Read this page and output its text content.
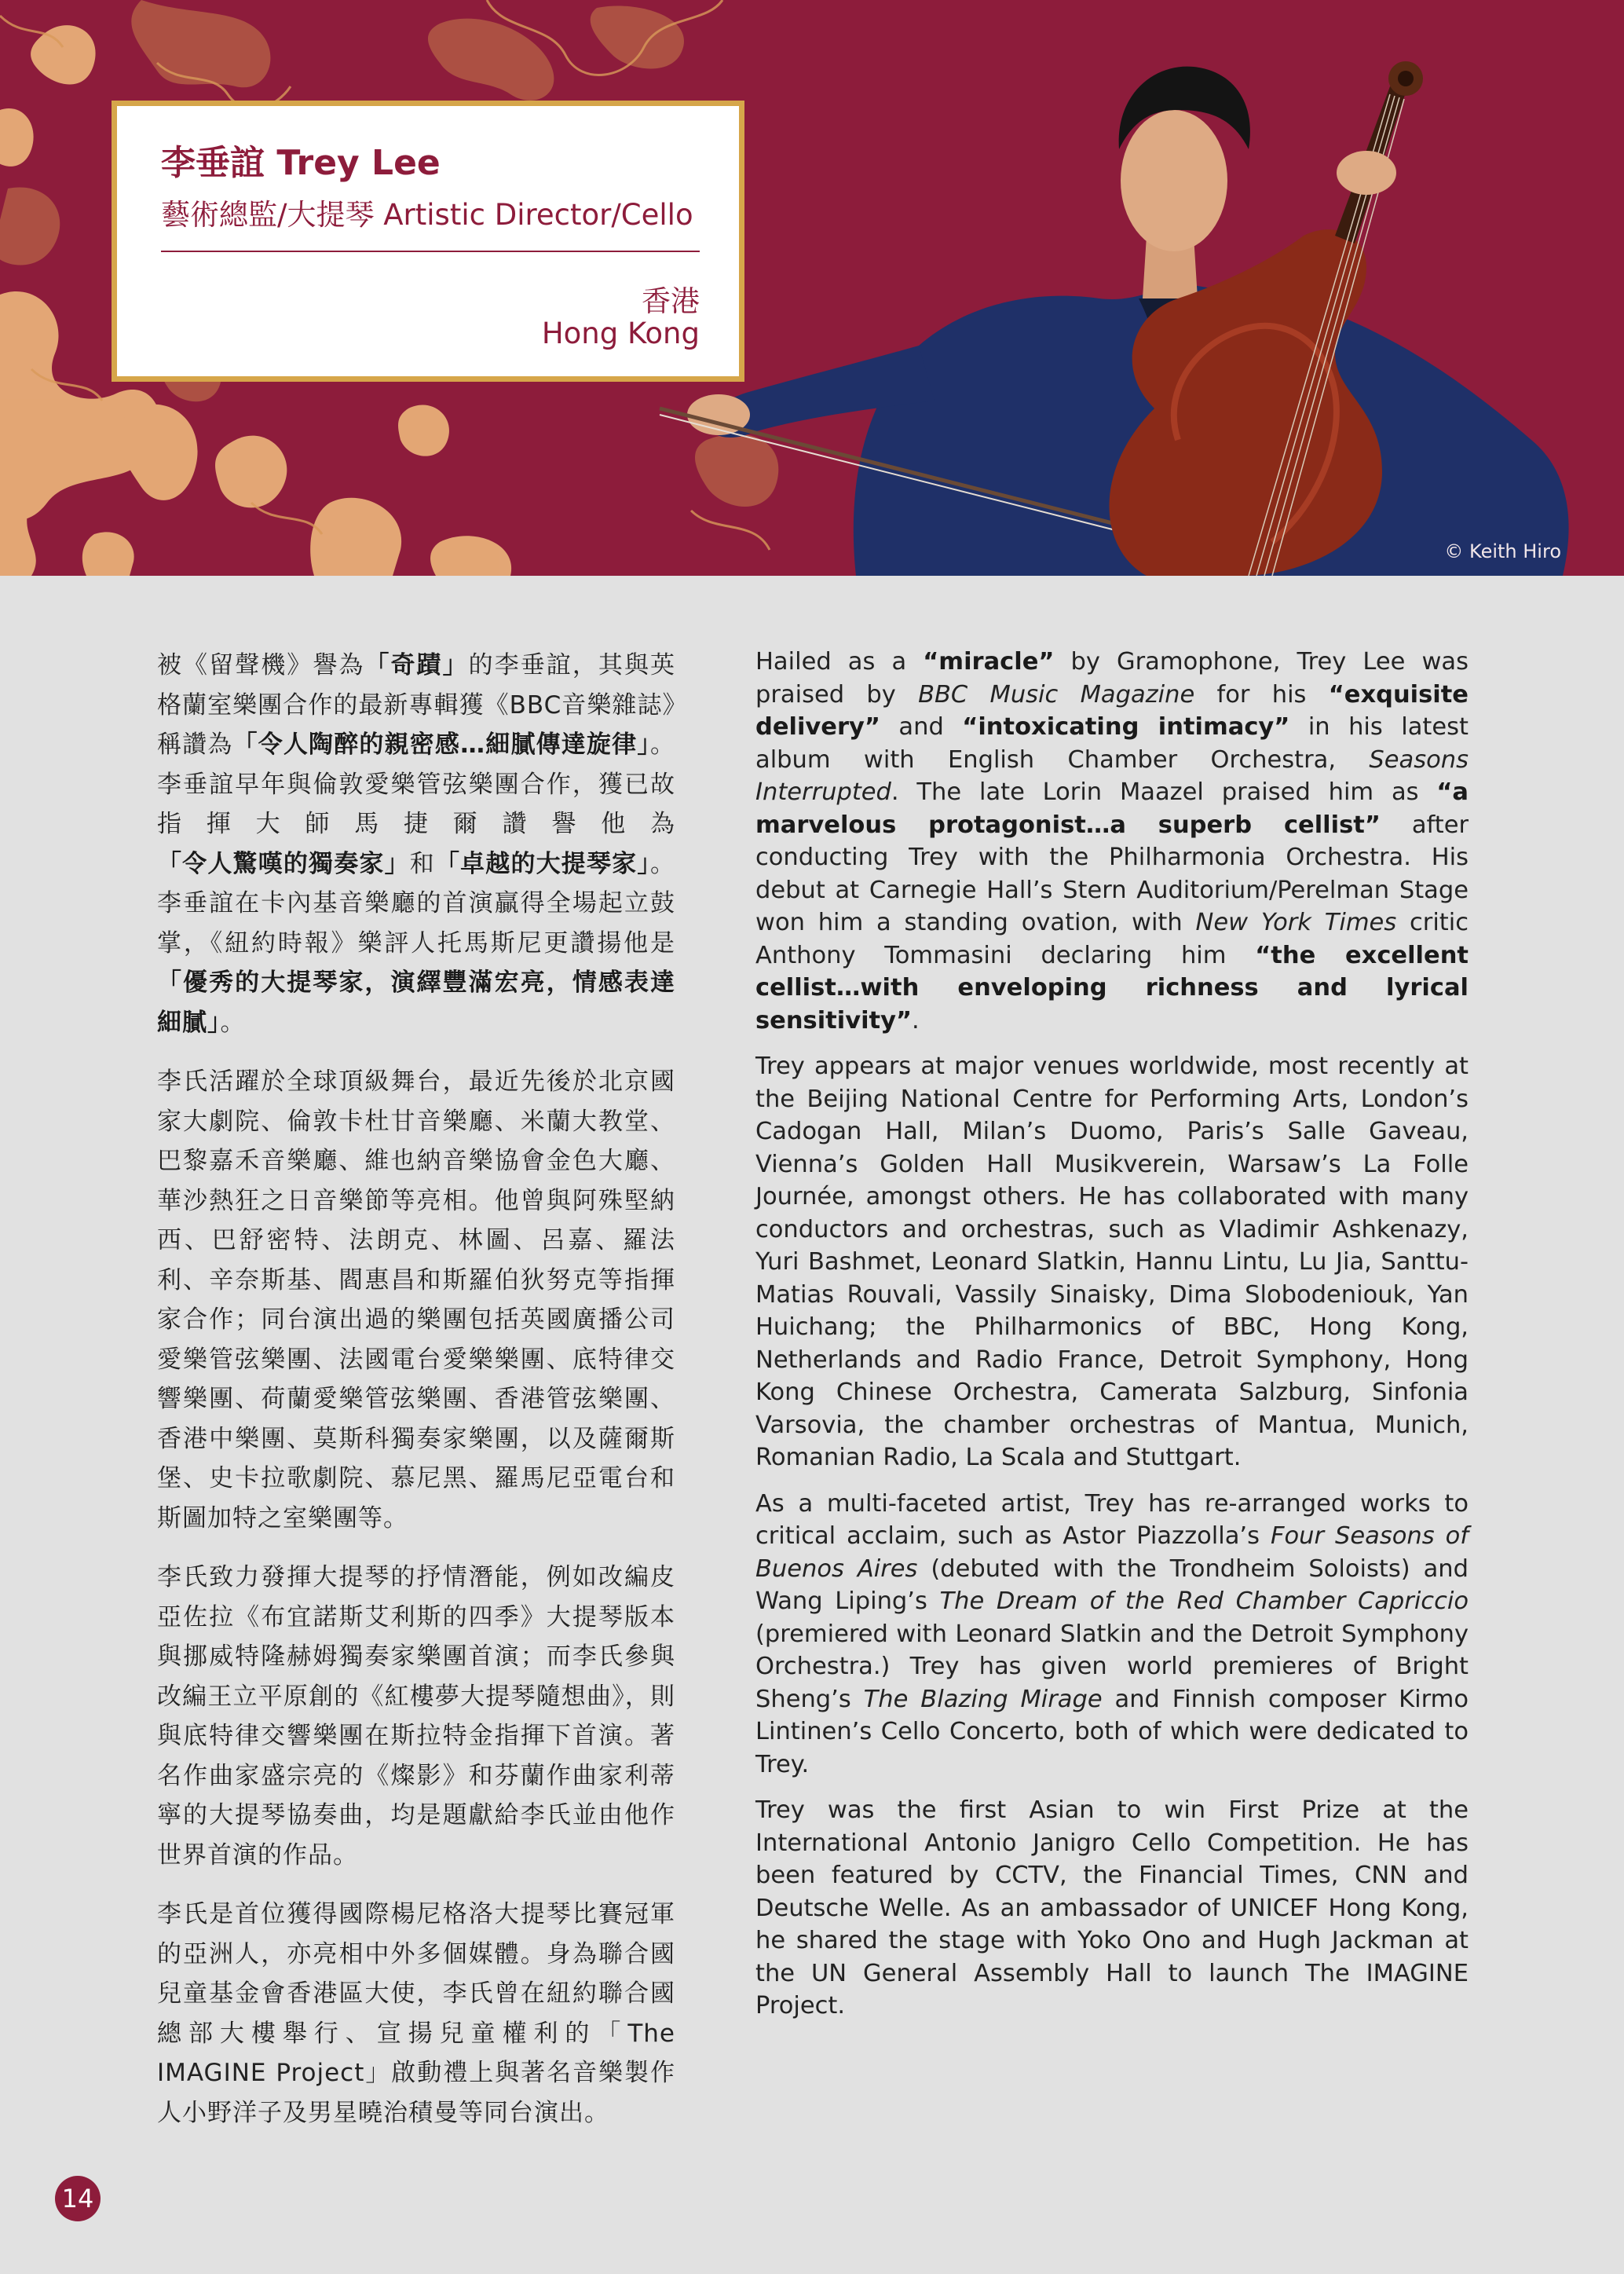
李垂誼 Trey Lee
藝術總監/大提琴 Artistic Director/Cello
香港
Hong Kong
© Keith Hiro

被《留聲機》譽為「奇蹟」的李垂誼，其與英格蘭室樂團合作的最新專輯獲《BBC音樂雜誌》稱讚為「令人陶醉的親密感…細膩傳達旋律」。李垂誼早年與倫敦愛樂管弦樂團合作，獲已故指揮大師馬捷爾讚譽他為「令人驚嘆的獨奏家」和「卓越的大提琴家」。李垂誼在卡內基音樂廳的首演贏得全場起立鼓掌，《紐約時報》樂評人托馬斯尼更讚揚他是「優秀的大提琴家，演繹豐滿宏亮，情感表達細膩」。

李氏活躍於全球頂級舞台，最近先後於北京國家大劇院、倫敦卡杜甘音樂廳、米蘭大教堂、巴黎嘉禾音樂廳、維也納音樂協會金色大廳、華沙熱狂之日音樂節等亮相。他曾與阿殊堅納西、巴舒密特、法朗克、林圖、呂嘉、羅法利、辛奈斯基、閻惠昌和斯羅伯狄努克等指揮家合作；同台演出過的樂團包括英國廣播公司愛樂管弦樂團、法國電台愛樂樂團、底特律交響樂團、荷蘭愛樂管弦樂團、香港管弦樂團、香港中樂團、莫斯科獨奏家樂團，以及薩爾斯堡、史卡拉歌劇院、慕尼黑、羅馬尼亞電台和斯圖加特之室樂團等。

李氏致力發揮大提琴的抒情潛能，例如改編皮亞佐拉《布宜諾斯艾利斯的四季》大提琴版本與挪威特隆赫姆獨奏家樂團首演；而李氏參與改編王立平原創的《紅樓夢大提琴隨想曲》，則與底特律交響樂團在斯拉特金指揮下首演。著名作曲家盛宗亮的《燦影》和芬蘭作曲家利蒂寧的大提琴協奏曲，均是題獻給李氏並由他作世界首演的作品。

李氏是首位獲得國際楊尼格洛大提琴比賽冠軍的亞洲人，亦亮相中外多個媒體。身為聯合國兒童基金會香港區大使，李氏曾在紐約聯合國總部大樓舉行、宣揚兒童權利的「The IMAGINE Project」啟動禮上與著名音樂製作人小野洋子及男星曉治積曼等同台演出。

Hailed as a “miracle” by Gramophone, Trey Lee was praised by BBC Music Magazine for his “exquisite delivery” and “intoxicating intimacy” in his latest album with English Chamber Orchestra, Seasons Interrupted. The late Lorin Maazel praised him as “a marvelous protagonist…a superb cellist” after conducting Trey with the Philharmonia Orchestra. His debut at Carnegie Hall’s Stern Auditorium/Perelman Stage won him a standing ovation, with New York Times critic Anthony Tommasini declaring him “the excellent cellist…with enveloping richness and lyrical sensitivity”.

Trey appears at major venues worldwide, most recently at the Beijing National Centre for Performing Arts, London’s Cadogan Hall, Milan’s Duomo, Paris’s Salle Gaveau, Vienna’s Golden Hall Musikverein, Warsaw’s La Folle Journée, amongst others. He has collaborated with many conductors and orchestras, such as Vladimir Ashkenazy, Yuri Bashmet, Leonard Slatkin, Hannu Lintu, Lu Jia, Santtu-Matias Rouvali, Vassily Sinaisky, Dima Slobodeniouk, Yan Huichang; the Philharmonics of BBC, Hong Kong, Netherlands and Radio France, Detroit Symphony, Hong Kong Chinese Orchestra, Camerata Salzburg, Sinfonia Varsovia, the chamber orchestras of Mantua, Munich, Romanian Radio, La Scala and Stuttgart.

As a multi-faceted artist, Trey has re-arranged works to critical acclaim, such as Astor Piazzolla’s Four Seasons of Buenos Aires (debuted with the Trondheim Soloists) and Wang Liping’s The Dream of the Red Chamber Capriccio (premiered with Leonard Slatkin and the Detroit Symphony Orchestra.) Trey has given world premieres of Bright Sheng’s The Blazing Mirage and Finnish composer Kirmo Lintinen’s Cello Concerto, both of which were dedicated to Trey.

Trey was the first Asian to win First Prize at the International Antonio Janigro Cello Competition. He has been featured by CCTV, the Financial Times, CNN and Deutsche Welle. As an ambassador of UNICEF Hong Kong, he shared the stage with Yoko Ono and Hugh Jackman at the UN General Assembly Hall to launch The IMAGINE Project.

14
